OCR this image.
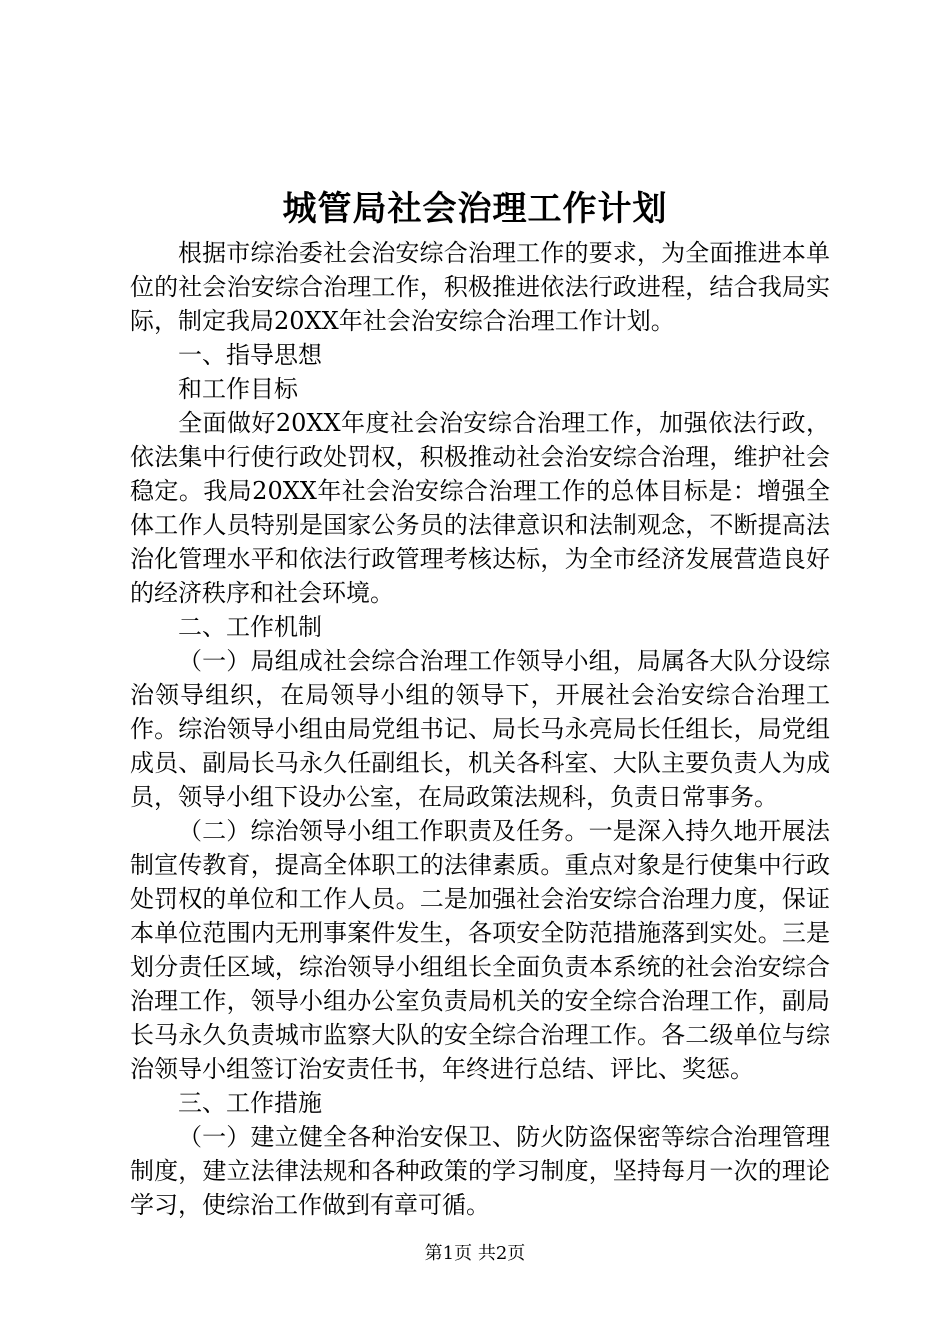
城管局社会治理工作计划

根据市综治委社会治安综合治理工作的要求，为全面推进本单位的社会治安综合治理工作，积极推进依法行政进程，结合我局实际，制定我局20XX年社会治安综合治理工作计划。

一、指导思想

和工作目标

全面做好20XX年度社会治安综合治理工作，加强依法行政，依法集中行使行政处罚权，积极推动社会治安综合治理，维护社会稳定。我局20XX年社会治安综合治理工作的总体目标是：增强全体工作人员特别是国家公务员的法律意识和法制观念，不断提高法治化管理水平和依法行政管理考核达标，为全市经济发展营造良好的经济秩序和社会环境。

二、工作机制

（一）局组成社会综合治理工作领导小组，局属各大队分设综治领导组织，在局领导小组的领导下，开展社会治安综合治理工作。综治领导小组由局党组书记、局长马永亮局长任组长，局党组成员、副局长马永久任副组长，机关各科室、大队主要负责人为成员，领导小组下设办公室，在局政策法规科，负责日常事务。

（二）综治领导小组工作职责及任务。一是深入持久地开展法制宣传教育，提高全体职工的法律素质。重点对象是行使集中行政处罚权的单位和工作人员。二是加强社会治安综合治理力度，保证本单位范围内无刑事案件发生，各项安全防范措施落到实处。三是划分责任区域，综治领导小组组长全面负责本系统的社会治安综合治理工作，领导小组办公室负责局机关的安全综合治理工作，副局长马永久负责城市监察大队的安全综合治理工作。各二级单位与综治领导小组签订治安责任书，年终进行总结、评比、奖惩。

三、工作措施

（一）建立健全各种治安保卫、防火防盗保密等综合治理管理制度，建立法律法规和各种政策的学习制度，坚持每月一次的理论学习，使综治工作做到有章可循。

第1页 共2页
